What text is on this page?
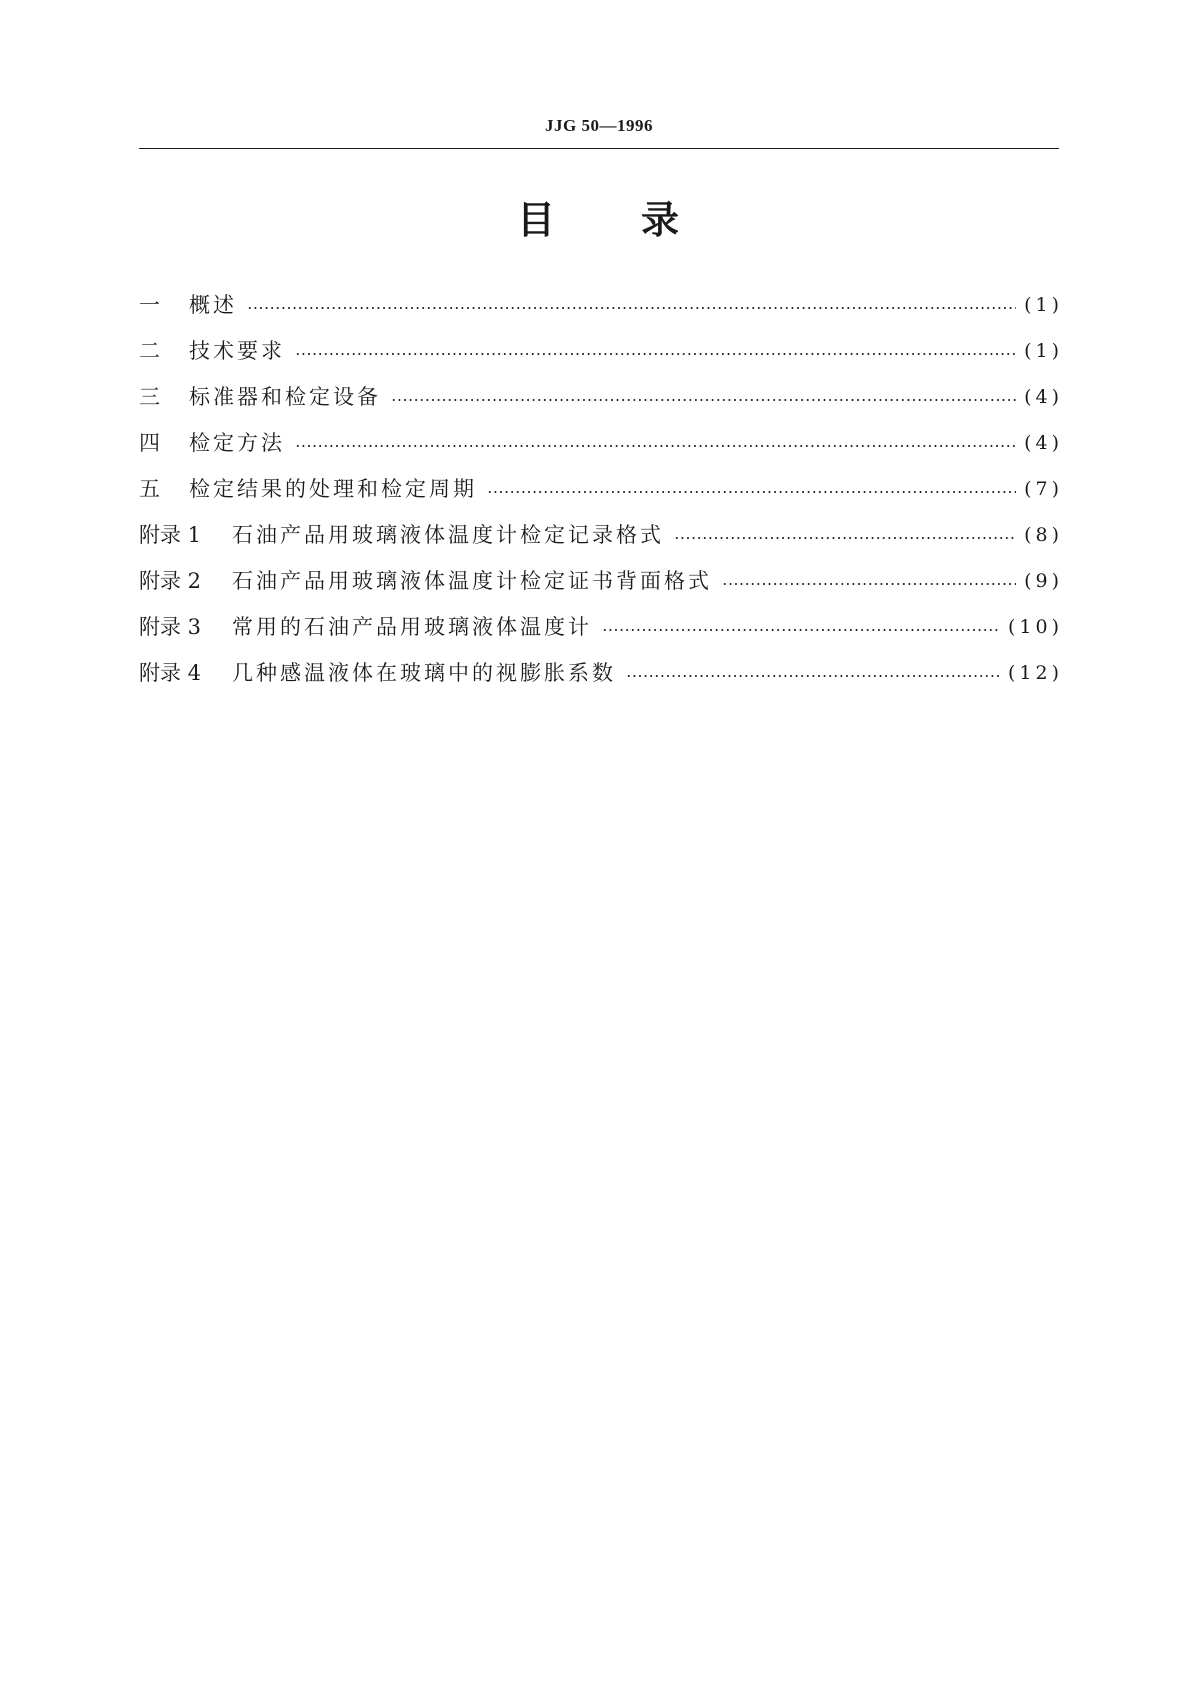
JJG 50—1996
目 录
一	概述	(1)
二	技术要求	(1)
三	标准器和检定设备	(4)
四	检定方法	(4)
五	检定结果的处理和检定周期	(7)
附录 1	石油产品用玻璃液体温度计检定记录格式	(8)
附录 2	石油产品用玻璃液体温度计检定证书背面格式	(9)
附录 3	常用的石油产品用玻璃液体温度计	(10)
附录 4	几种感温液体在玻璃中的视膨胀系数	(12)
